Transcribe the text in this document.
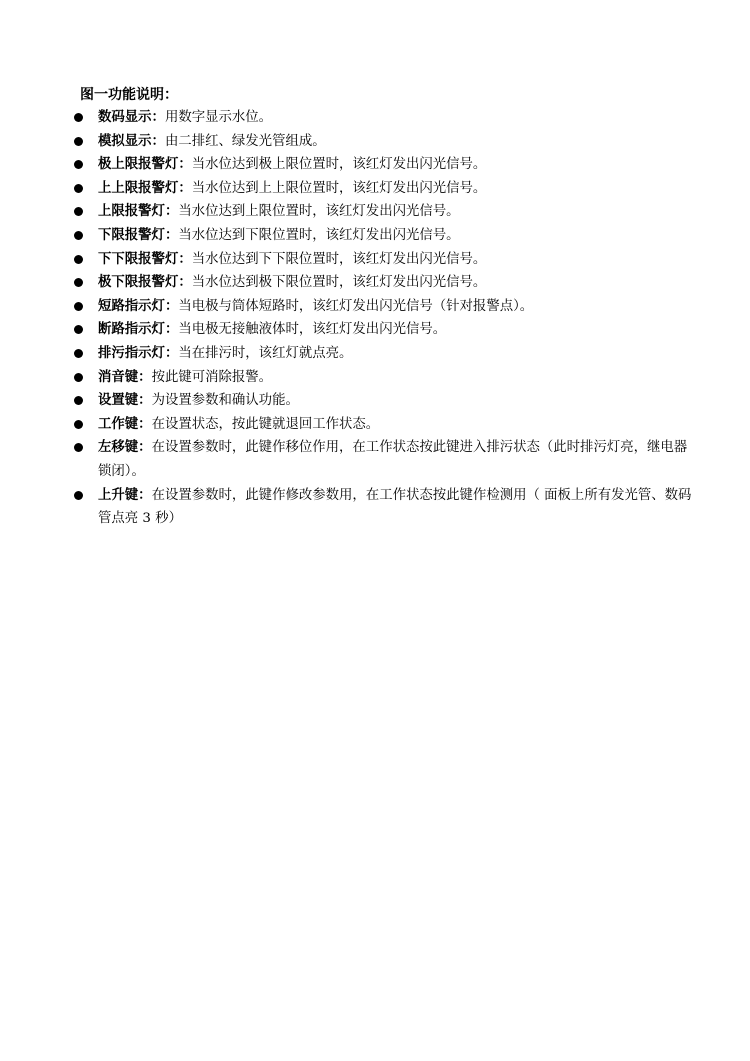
图一功能说明：
数码显示：用数字显示水位。
模拟显示：由二排红、绿发光管组成。
极上限报警灯：当水位达到极上限位置时，该红灯发出闪光信号。
上上限报警灯：当水位达到上上限位置时，该红灯发出闪光信号。
上限报警灯：当水位达到上限位置时，该红灯发出闪光信号。
下限报警灯：当水位达到下限位置时，该红灯发出闪光信号。
下下限报警灯：当水位达到下下限位置时，该红灯发出闪光信号。
极下限报警灯：当水位达到极下限位置时，该红灯发出闪光信号。
短路指示灯：当电极与筒体短路时，该红灯发出闪光信号（针对报警点）。
断路指示灯：当电极无接触液体时，该红灯发出闪光信号。
排污指示灯：当在排污时，该红灯就点亮。
消音键：按此键可消除报警。
设置键：为设置参数和确认功能。
工作键：在设置状态，按此键就退回工作状态。
左移键：在设置参数时，此键作移位作用，在工作状态按此键进入排污状态（此时排污灯亮，继电器锁闭）。
上升键：在设置参数时，此键作修改参数用，在工作状态按此键作检测用（ 面板上所有发光管、数码管点亮 3 秒）
